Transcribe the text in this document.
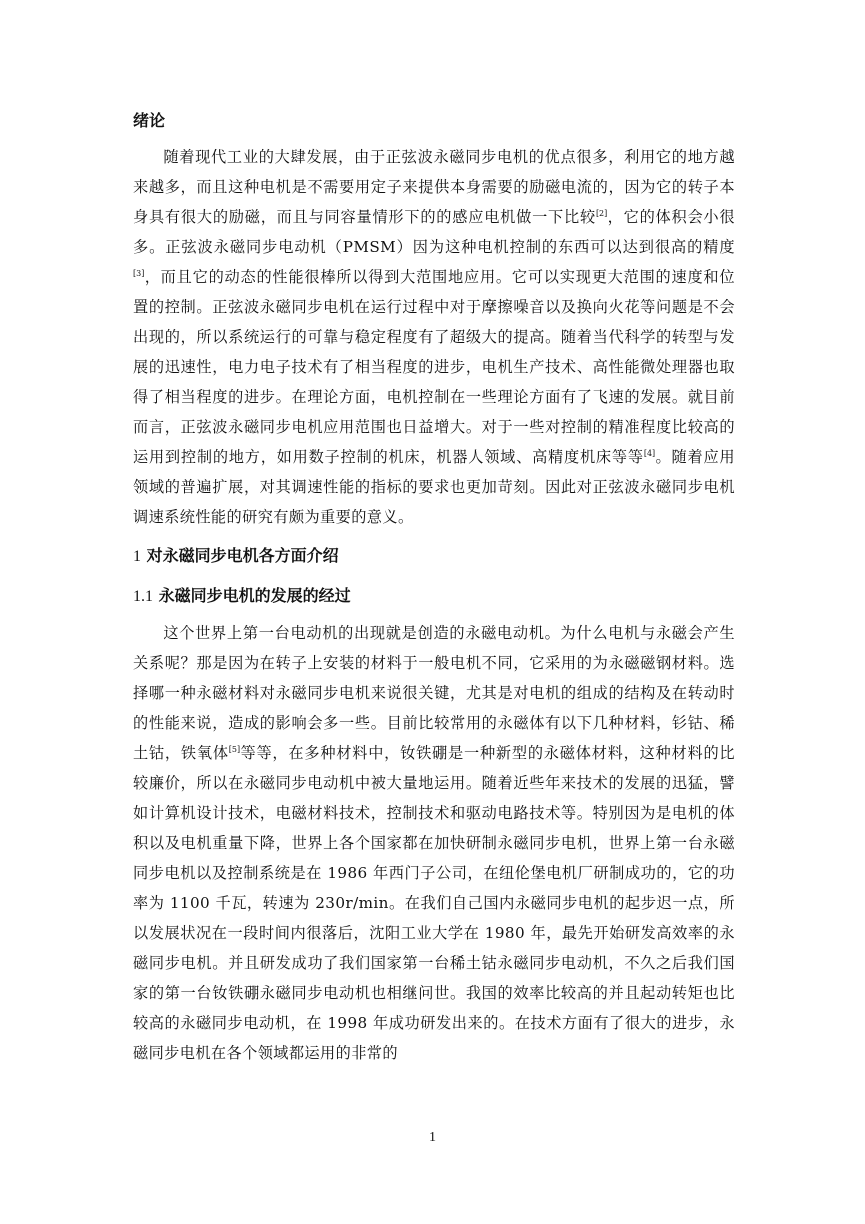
绪论

随着现代工业的大肆发展，由于正弦波永磁同步电机的优点很多，利用它的地方越来越多，而且这种电机是不需要用定子来提供本身需要的励磁电流的，因为它的转子本身具有很大的励磁，而且与同容量情形下的的感应电机做一下比较[2]，它的体积会小很多。正弦波永磁同步电动机（PMSM）因为这种电机控制的东西可以达到很高的精度[3]，而且它的动态的性能很棒所以得到大范围地应用。它可以实现更大范围的速度和位置的控制。正弦波永磁同步电机在运行过程中对于摩擦噪音以及换向火花等问题是不会出现的，所以系统运行的可靠与稳定程度有了超级大的提高。随着当代科学的转型与发展的迅速性，电力电子技术有了相当程度的进步，电机生产技术、高性能微处理器也取得了相当程度的进步。在理论方面，电机控制在一些理论方面有了飞速的发展。就目前而言，正弦波永磁同步电机应用范围也日益增大。对于一些对控制的精准程度比较高的运用到控制的地方，如用数子控制的机床，机器人领域、高精度机床等等[4]。随着应用领域的普遍扩展，对其调速性能的指标的要求也更加苛刻。因此对正弦波永磁同步电机调速系统性能的研究有颇为重要的意义。

1 对永磁同步电机各方面介绍
1.1 永磁同步电机的发展的经过

这个世界上第一台电动机的出现就是创造的永磁电动机。为什么电机与永磁会产生关系呢？那是因为在转子上安装的材料于一般电机不同，它采用的为永磁磁钢材料。选择哪一种永磁材料对永磁同步电机来说很关键，尤其是对电机的组成的结构及在转动时的性能来说，造成的影响会多一些。目前比较常用的永磁体有以下几种材料，钐钴、稀土钴，铁氧体[5]等等，在多种材料中，钕铁硼是一种新型的永磁体材料，这种材料的比较廉价，所以在永磁同步电动机中被大量地运用。随着近些年来技术的发展的迅猛，譬如计算机设计技术，电磁材料技术，控制技术和驱动电路技术等。特别因为是电机的体积以及电机重量下降，世界上各个国家都在加快研制永磁同步电机，世界上第一台永磁同步电机以及控制系统是在 1986 年西门子公司，在纽伦堡电机厂研制成功的，它的功率为 1100 千瓦，转速为 230r/min。在我们自己国内永磁同步电机的起步迟一点，所以发展状况在一段时间内很落后，沈阳工业大学在 1980 年，最先开始研发高效率的永磁同步电机。并且研发成功了我们国家第一台稀土钴永磁同步电动机，不久之后我们国家的第一台钕铁硼永磁同步电动机也相继问世。我国的效率比较高的并且起动转矩也比较高的永磁同步电动机，在 1998 年成功研发出来的。在技术方面有了很大的进步，永磁同步电机在各个领域都运用的非常的

1
